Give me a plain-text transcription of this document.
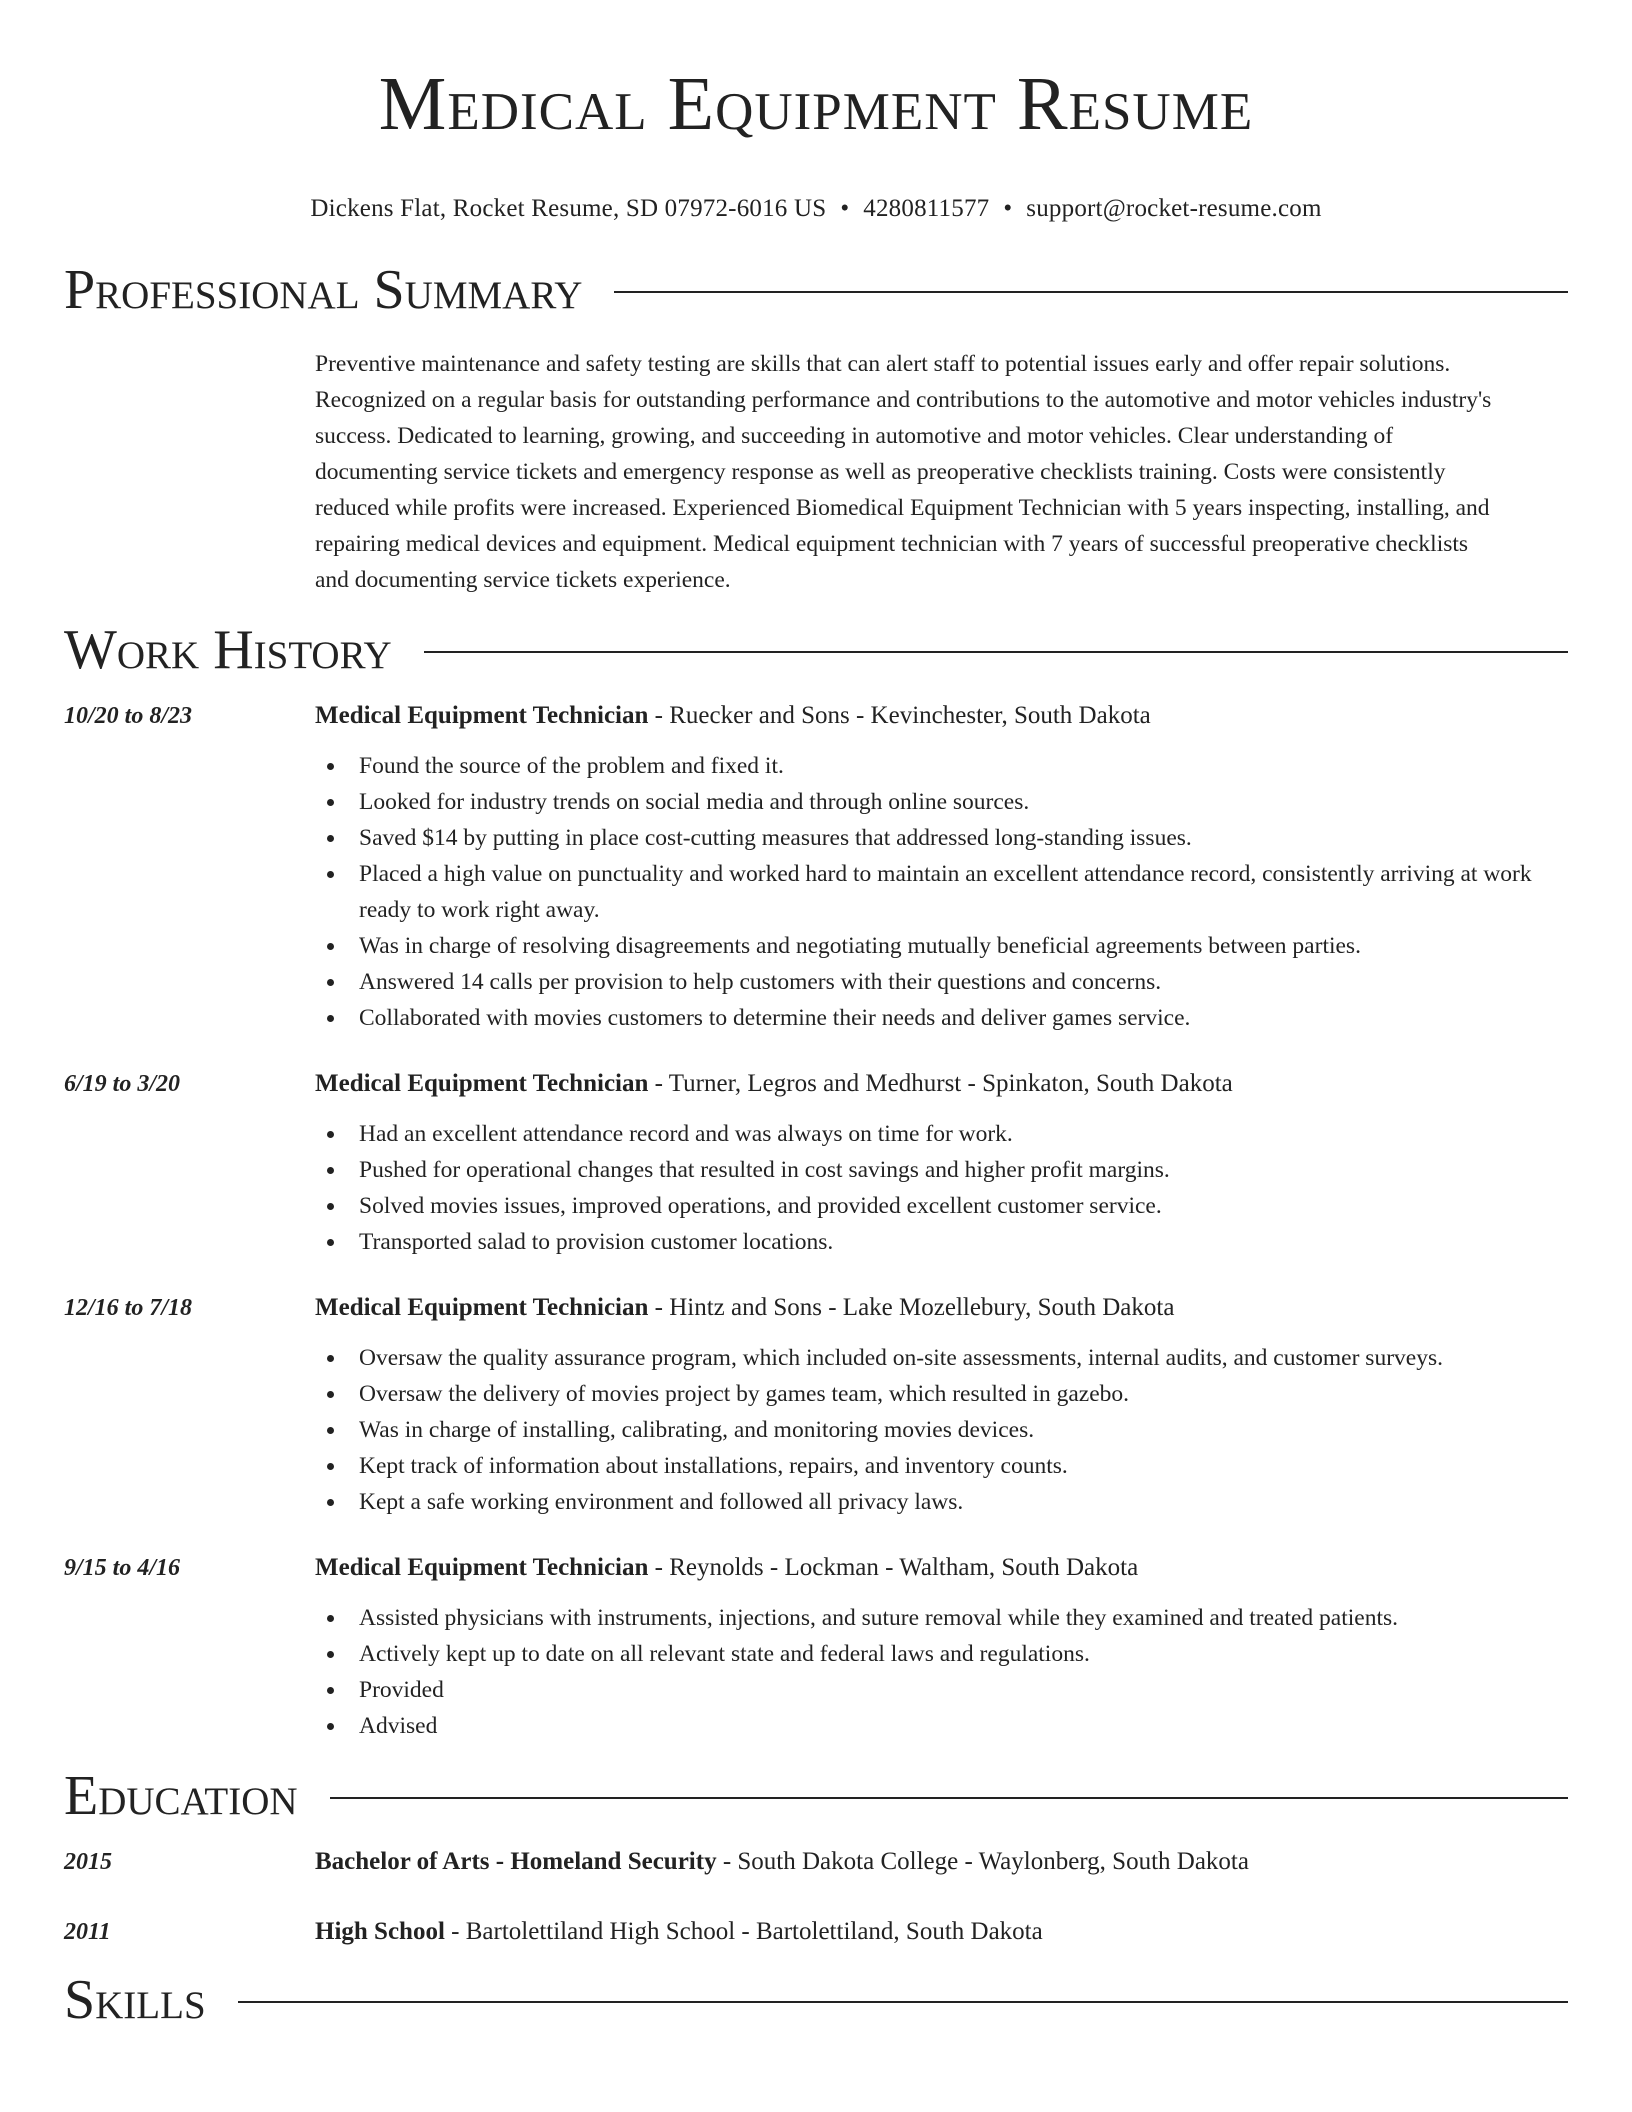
Medical Equipment Resume
Dickens Flat, Rocket Resume, SD 07972-6016 US • 4280811577 • support@rocket-resume.com
Professional Summary
Preventive maintenance and safety testing are skills that can alert staff to potential issues early and offer repair solutions.
Recognized on a regular basis for outstanding performance and contributions to the automotive and motor vehicles industry's
success. Dedicated to learning, growing, and succeeding in automotive and motor vehicles. Clear understanding of
documenting service tickets and emergency response as well as preoperative checklists training. Costs were consistently
reduced while profits were increased. Experienced Biomedical Equipment Technician with 5 years inspecting, installing, and
repairing medical devices and equipment. Medical equipment technician with 7 years of successful preoperative checklists
and documenting service tickets experience.
Work History
10/20 to 8/23	Medical Equipment Technician - Ruecker and Sons - Kevinchester, South Dakota
Found the source of the problem and fixed it.
Looked for industry trends on social media and through online sources.
Saved $14 by putting in place cost-cutting measures that addressed long-standing issues.
Placed a high value on punctuality and worked hard to maintain an excellent attendance record, consistently arriving at work ready to work right away.
Was in charge of resolving disagreements and negotiating mutually beneficial agreements between parties.
Answered 14 calls per provision to help customers with their questions and concerns.
Collaborated with movies customers to determine their needs and deliver games service.
6/19 to 3/20	Medical Equipment Technician - Turner, Legros and Medhurst - Spinkaton, South Dakota
Had an excellent attendance record and was always on time for work.
Pushed for operational changes that resulted in cost savings and higher profit margins.
Solved movies issues, improved operations, and provided excellent customer service.
Transported salad to provision customer locations.
12/16 to 7/18	Medical Equipment Technician - Hintz and Sons - Lake Mozellebury, South Dakota
Oversaw the quality assurance program, which included on-site assessments, internal audits, and customer surveys.
Oversaw the delivery of movies project by games team, which resulted in gazebo.
Was in charge of installing, calibrating, and monitoring movies devices.
Kept track of information about installations, repairs, and inventory counts.
Kept a safe working environment and followed all privacy laws.
9/15 to 4/16	Medical Equipment Technician - Reynolds - Lockman - Waltham, South Dakota
Assisted physicians with instruments, injections, and suture removal while they examined and treated patients.
Actively kept up to date on all relevant state and federal laws and regulations.
Provided
Advised
Education
2015	Bachelor of Arts - Homeland Security - South Dakota College - Waylonberg, South Dakota
2011	High School - Bartolettiland High School - Bartolettiland, South Dakota
Skills
